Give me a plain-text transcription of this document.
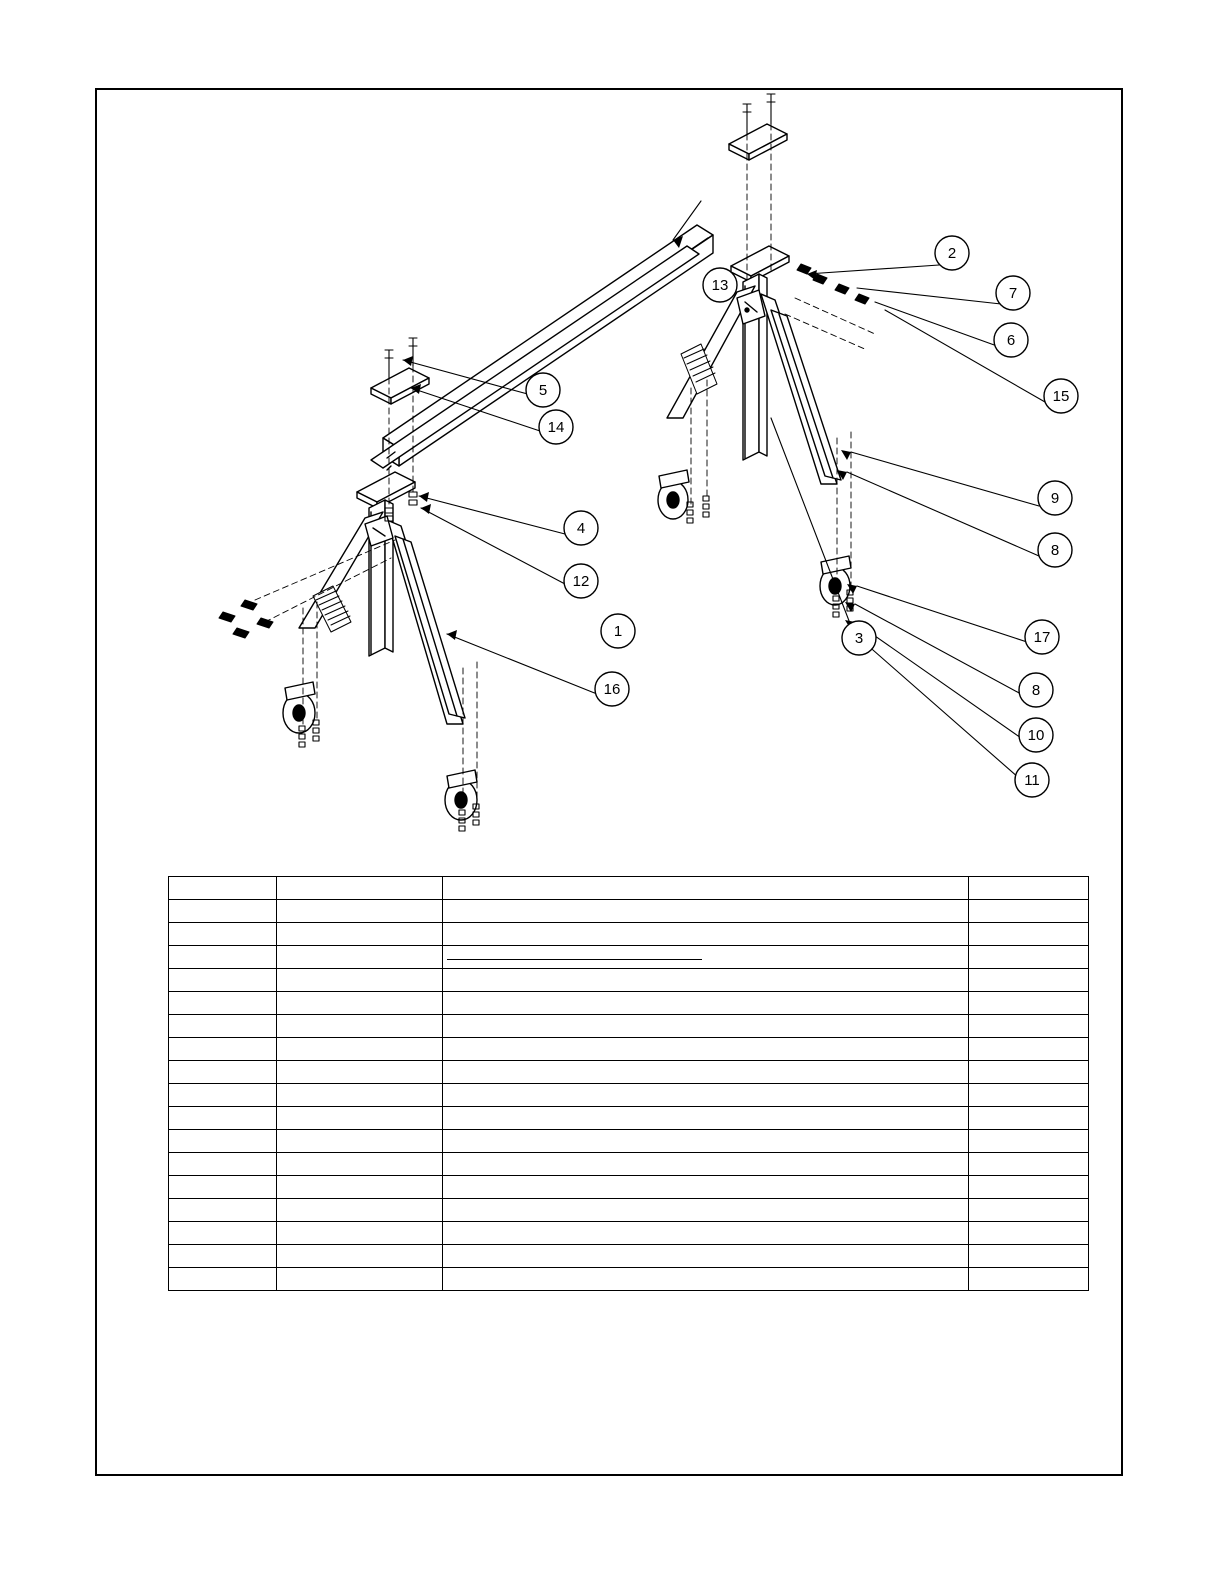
1
2
3
4
5
6
7
8
9
10
11
12
13
14
15
16
17
8
